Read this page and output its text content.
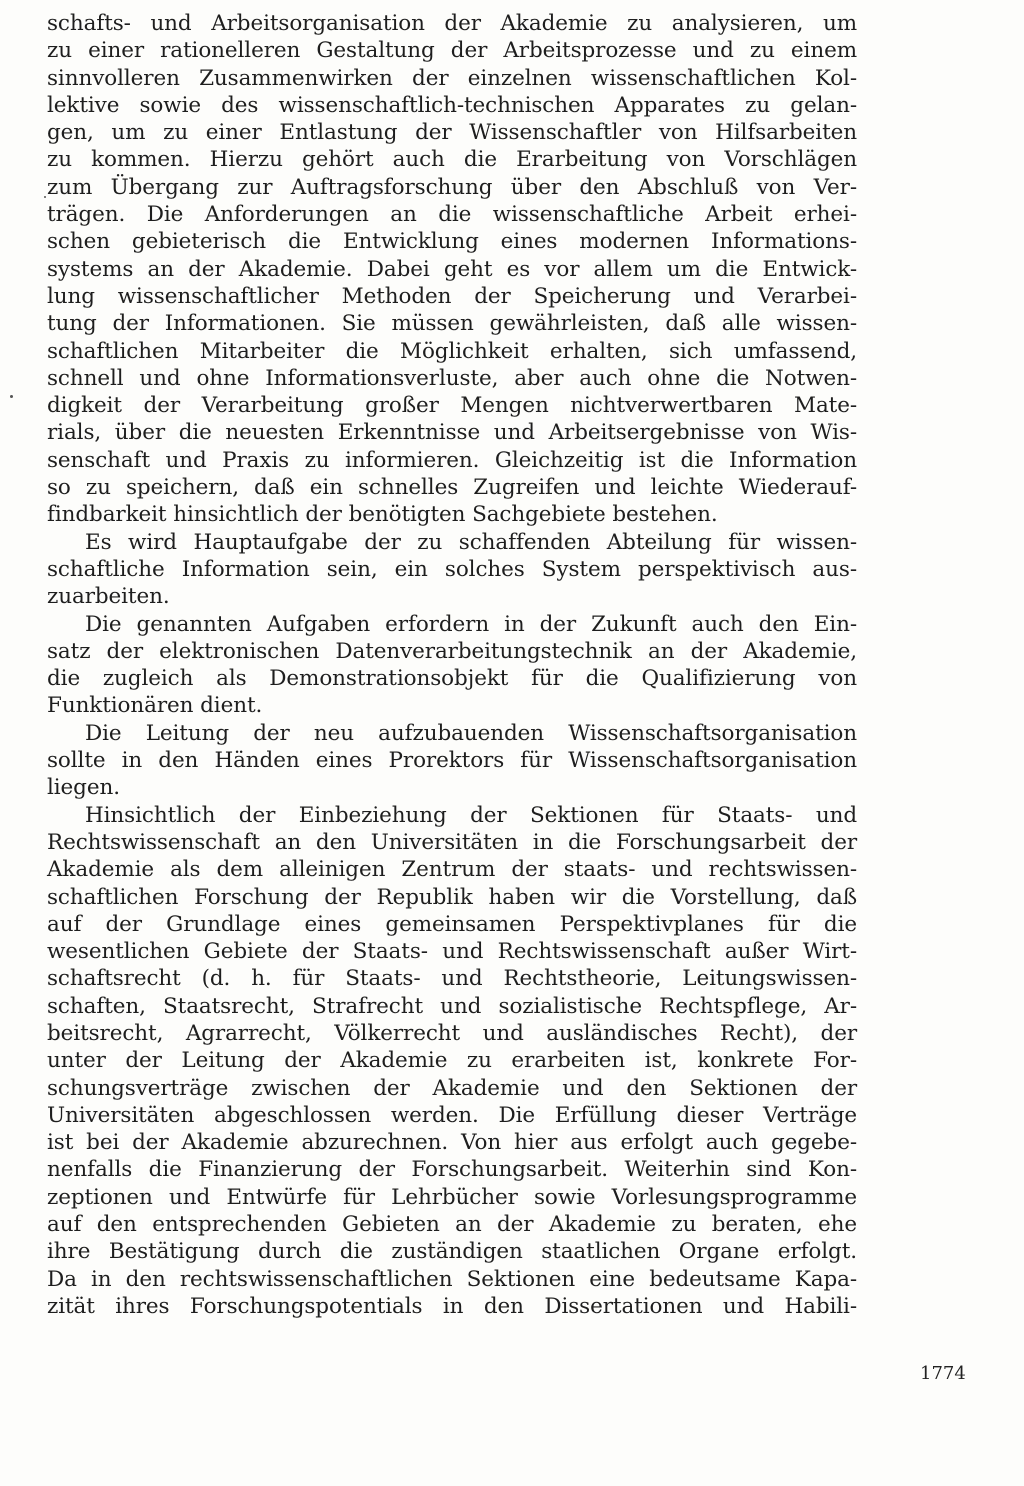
schafts- und Arbeitsorganisation der Akademie zu analysieren, um
zu einer rationelleren Gestaltung der Arbeitsprozesse und zu einem
sinnvolleren Zusammenwirken der einzelnen wissenschaftlichen Kol-
lektive sowie des wissenschaftlich-technischen Apparates zu gelan-
gen, um zu einer Entlastung der Wissenschaftler von Hilfsarbeiten
zu kommen. Hierzu gehört auch die Erarbeitung von Vorschlägen
zum Übergang zur Auftragsforschung über den Abschluß von Ver-
trägen. Die Anforderungen an die wissenschaftliche Arbeit erhei-
schen gebieterisch die Entwicklung eines modernen Informations-
systems an der Akademie. Dabei geht es vor allem um die Entwick-
lung wissenschaftlicher Methoden der Speicherung und Verarbei-
tung der Informationen. Sie müssen gewährleisten, daß alle wissen-
schaftlichen Mitarbeiter die Möglichkeit erhalten, sich umfassend,
schnell und ohne Informationsverluste, aber auch ohne die Notwen-
digkeit der Verarbeitung großer Mengen nichtverwertbaren Mate-
rials, über die neuesten Erkenntnisse und Arbeitsergebnisse von Wis-
senschaft und Praxis zu informieren. Gleichzeitig ist die Information
so zu speichern, daß ein schnelles Zugreifen und leichte Wiederauf-
findbarkeit hinsichtlich der benötigten Sachgebiete bestehen.
Es wird Hauptaufgabe der zu schaffenden Abteilung für wissen-
schaftliche Information sein, ein solches System perspektivisch aus-
zuarbeiten.
Die genannten Aufgaben erfordern in der Zukunft auch den Ein-
satz der elektronischen Datenverarbeitungstechnik an der Akademie,
die zugleich als Demonstrationsobjekt für die Qualifizierung von
Funktionären dient.
Die Leitung der neu aufzubauenden Wissenschaftsorganisation
sollte in den Händen eines Prorektors für Wissenschaftsorganisation
liegen.
Hinsichtlich der Einbeziehung der Sektionen für Staats- und
Rechtswissenschaft an den Universitäten in die Forschungsarbeit der
Akademie als dem alleinigen Zentrum der staats- und rechtswissen-
schaftlichen Forschung der Republik haben wir die Vorstellung, daß
auf der Grundlage eines gemeinsamen Perspektivplanes für die
wesentlichen Gebiete der Staats- und Rechtswissenschaft außer Wirt-
schaftsrecht (d. h. für Staats- und Rechtstheorie, Leitungswissen-
schaften, Staatsrecht, Strafrecht und sozialistische Rechtspflege, Ar-
beitsrecht, Agrarrecht, Völkerrecht und ausländisches Recht), der
unter der Leitung der Akademie zu erarbeiten ist, konkrete For-
schungsverträge zwischen der Akademie und den Sektionen der
Universitäten abgeschlossen werden. Die Erfüllung dieser Verträge
ist bei der Akademie abzurechnen. Von hier aus erfolgt auch gegebe-
nenfalls die Finanzierung der Forschungsarbeit. Weiterhin sind Kon-
zeptionen und Entwürfe für Lehrbücher sowie Vorlesungsprogramme
auf den entsprechenden Gebieten an der Akademie zu beraten, ehe
ihre Bestätigung durch die zuständigen staatlichen Organe erfolgt.
Da in den rechtswissenschaftlichen Sektionen eine bedeutsame Kapa-
zität ihres Forschungspotentials in den Dissertationen und Habili-
1774
